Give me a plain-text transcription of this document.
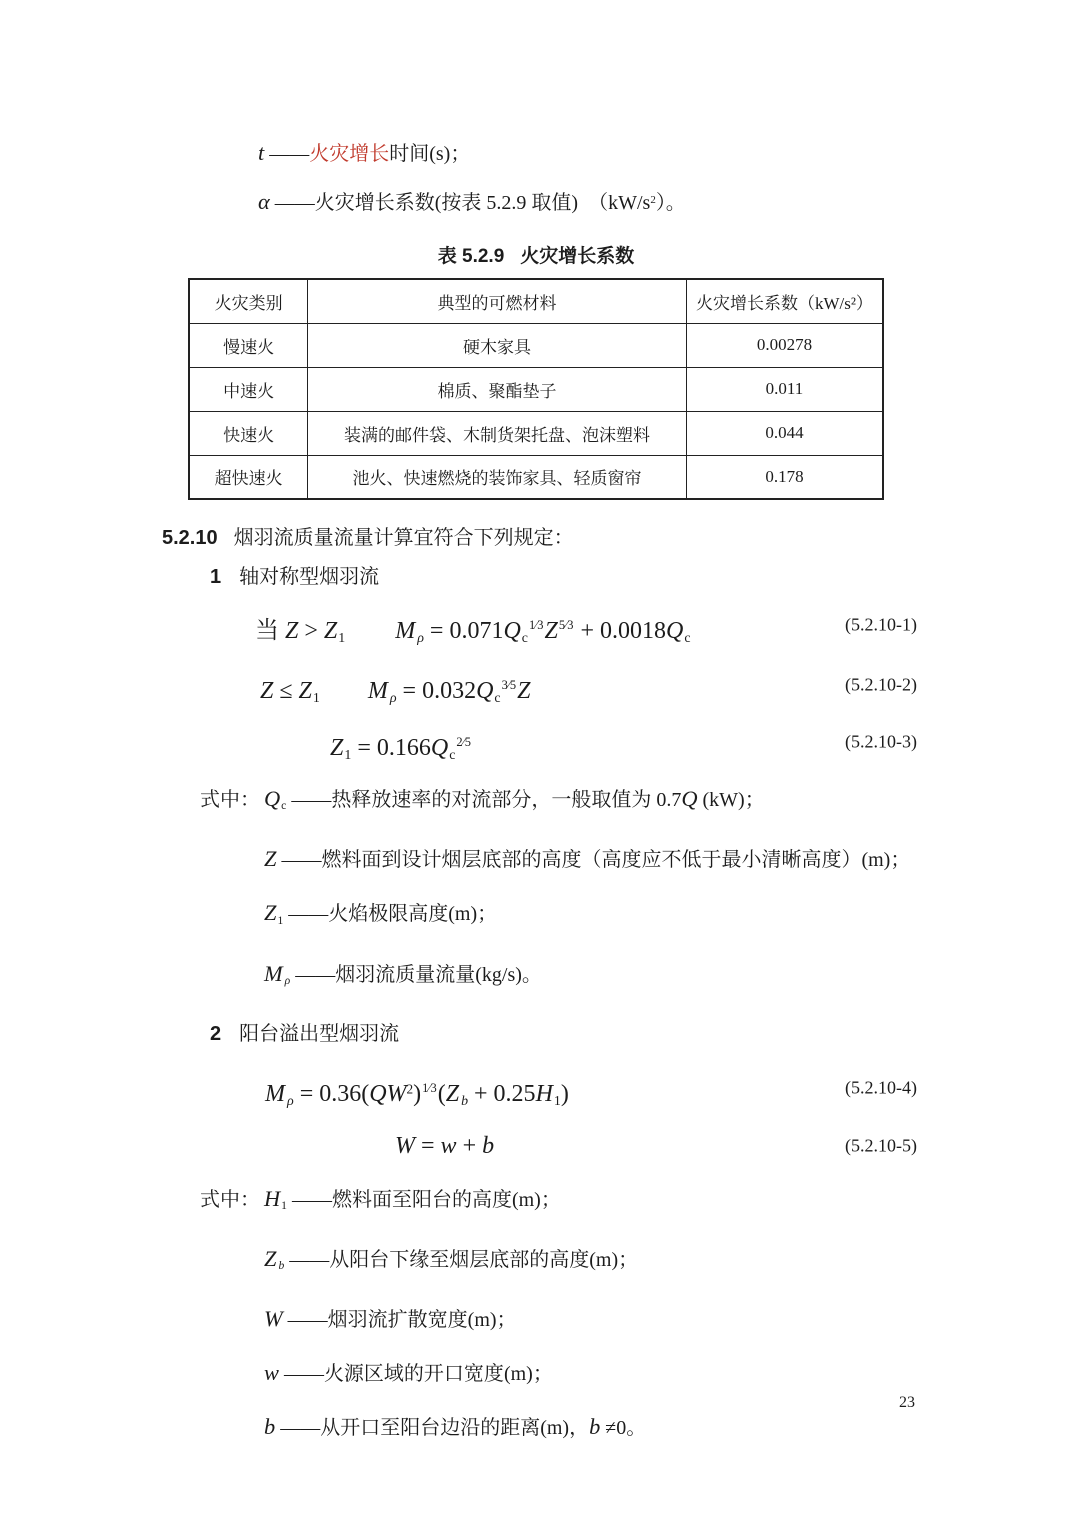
t ——火灾增长时间(s)；
α ——火灾增长系数(按表 5.2.9 取值)　$(kW/s^2)$。
表 5.2.9 火灾增长系数
火灾类别	典型的可燃材料	火灾增长系数（kW/s²）
慢速火	硬木家具	0.00278
中速火	棉质、聚酯垫子	0.011
快速火	装满的邮件袋、木制货架托盘、泡沫塑料	0.044
超快速火	池火、快速燃烧的装饰家具、轻质窗帘	0.178
5.2.10 烟羽流质量流量计算宜符合下列规定：
1 轴对称型烟羽流
当 Z > Z1 $M\rho = 0.071Qc^{1⁄3}Z^{5⁄3} + 0.0018Qc$
(5.2.10-1)
Z ≤ Z1 $M\rho = 0.032Qc^{3⁄5}Z$	(5.2.10-2)
$Z1 = 0.166Qc^{2⁄5}$	(5.2.10-3)
式中： Qc ——热释放速率的对流部分，一般取值为 0.7Q (kW)；
Z ——燃料面到设计烟层底部的高度（高度应不低于最小清晰高度）(m)；
Z1 ——火焰极限高度(m)；
Mρ ——烟羽流质量流量(kg/s)。
2 阳台溢出型烟羽流
$M\rho = 0.36(QW^2)^{1⁄3}(Z$ b + 0.25H1)	(5.2.10-4)
W = w + b	(5.2.10-5)
式中： H1 ——燃料面至阳台的高度(m)；
Zb ——从阳台下缘至烟层底部的高度(m)；
W ——烟羽流扩散宽度(m)；
w ——火源区域的开口宽度(m)；
b ——从开口至阳台边沿的距离(m)，b ≠0。
23
